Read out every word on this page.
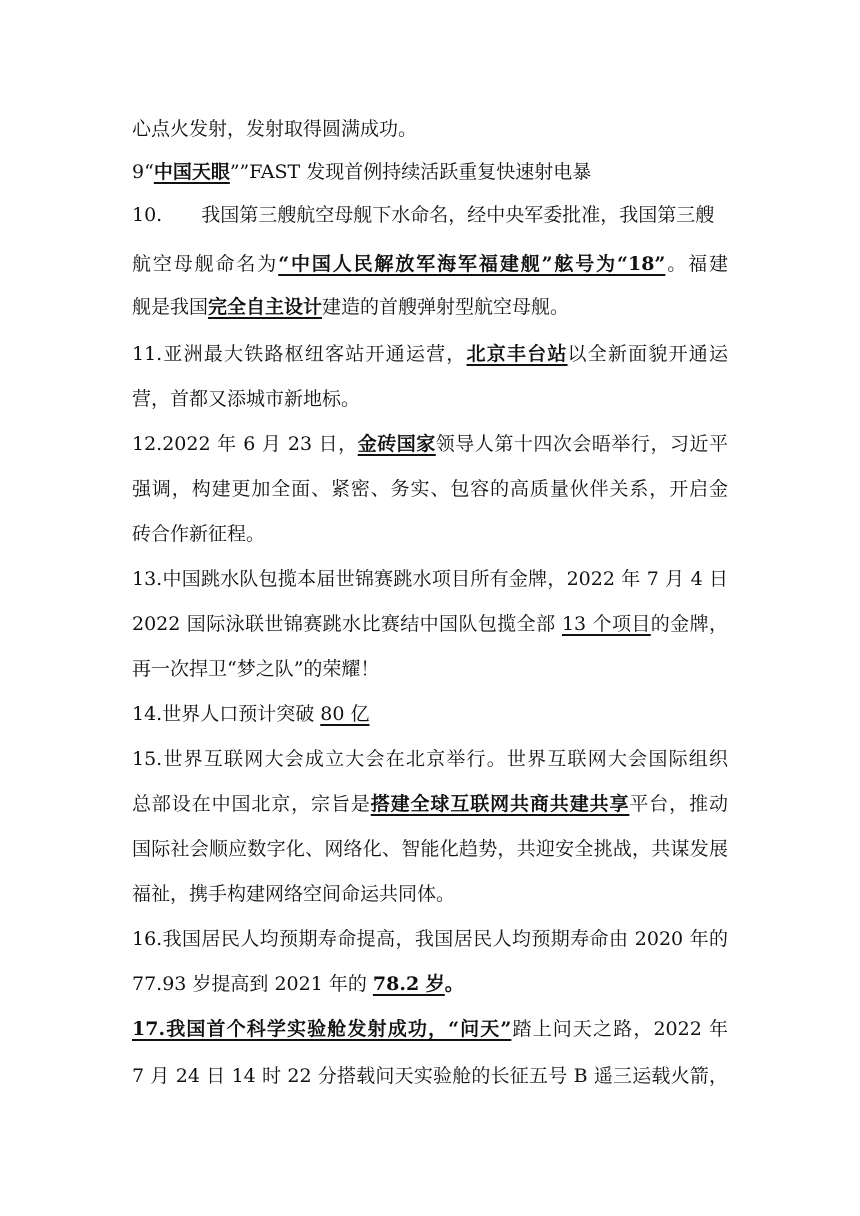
心点火发射，发射取得圆满成功。
9“中国天眼””FAST 发现首例持续活跃重复快速射电暴
10. 我国第三艘航空母舰下水命名，经中央军委批准，我国第三艘
航空母舰命名为“中国人民解放军海军福建舰”舷号为“18”。福建
舰是我国完全自主设计建造的首艘弹射型航空母舰。
11.亚洲最大铁路枢纽客站开通运营，北京丰台站以全新面貌开通运
营，首都又添城市新地标。
12.2022 年 6 月 23 日，金砖国家领导人第十四次会晤举行，习近平
强调，构建更加全面、紧密、务实、包容的高质量伙伴关系，开启金
砖合作新征程。
13.中国跳水队包揽本届世锦赛跳水项目所有金牌，2022 年 7 月 4 日
2022 国际泳联世锦赛跳水比赛结中国队包揽全部 13 个项目的金牌，
再一次捍卫“梦之队”的荣耀！
14.世界人口预计突破 80 亿
15.世界互联网大会成立大会在北京举行。世界互联网大会国际组织
总部设在中国北京，宗旨是搭建全球互联网共商共建共享平台，推动
国际社会顺应数字化、网络化、智能化趋势，共迎安全挑战，共谋发展
福祉，携手构建网络空间命运共同体。
16.我国居民人均预期寿命提高，我国居民人均预期寿命由 2020 年的
77.93 岁提高到 2021 年的 78.2 岁。
17.我国首个科学实验舱发射成功，“问天”踏上问天之路，2022 年
7 月 24 日 14 时 22 分搭载问天实验舱的长征五号 B 遥三运载火箭，
